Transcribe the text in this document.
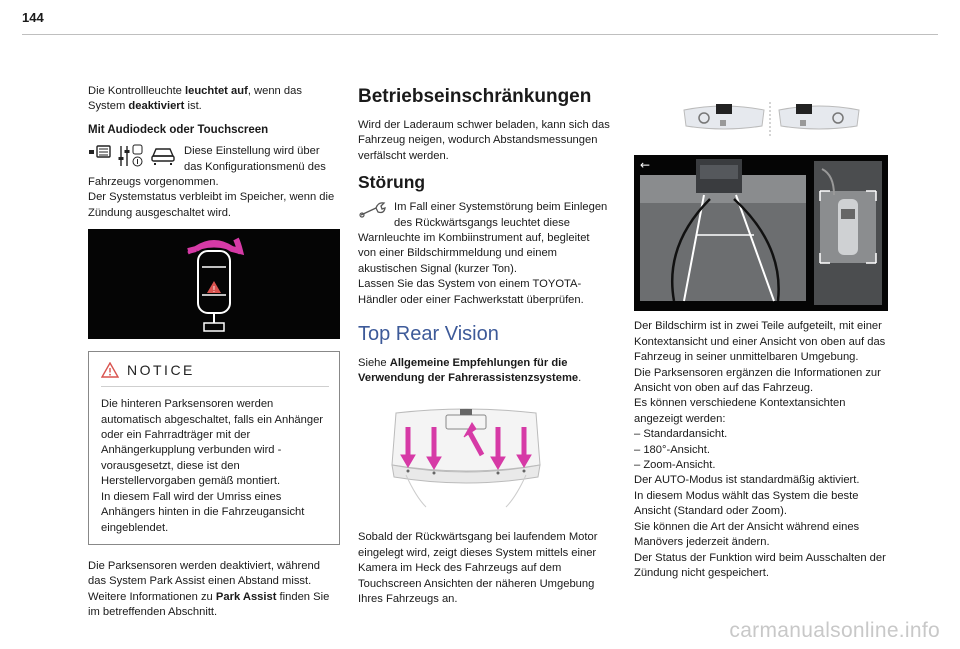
144

Die Kontrollleuchte leuchtet auf, wenn das System deaktiviert ist.

Mit Audiodeck oder Touchscreen
Diese Einstellung wird über das Konfigurationsmenü des

Fahrzeugs vorgenommen.

Der Systemstatus verbleibt im Speicher, wenn die Zündung ausgeschaltet wird.

!
NOTICE
Die hinteren Parksensoren werden automatisch abgeschaltet, falls ein Anhänger oder ein Fahrradträger mit der Anhängerkupplung verbunden wird - vorausgesetzt, diese ist den Herstellervorgaben gemäß montiert.
In diesem Fall wird der Umriss eines Anhängers hinten in die Fahrzeugansicht eingeblendet.

Die Parksensoren werden deaktiviert, während das System Park Assist einen Abstand misst.

Weitere Informationen zu Park Assist finden Sie im betreffenden Abschnitt.

Betriebseinschränkungen

Wird der Laderaum schwer beladen, kann sich das Fahrzeug neigen, wodurch Abstandsmessungen verfälscht werden.

Störung
Im Fall einer Systemstörung beim Einlegen des Rückwärtsgangs leuchtet diese

Warnleuchte im Kombiinstrument auf, begleitet von einer Bildschirmmeldung und einem akustischen Signal (kurzer Ton).

Lassen Sie das System von einem TOYOTA-Händler oder einer Fachwerkstatt überprüfen.

Top Rear Vision

Siehe Allgemeine Empfehlungen für die Verwendung der Fahrerassistenzsysteme.

Sobald der Rückwärtsgang bei laufendem Motor eingelegt wird, zeigt dieses System mittels einer Kamera im Heck des Fahrzeugs auf dem Touchscreen Ansichten der näheren Umgebung Ihres Fahrzeugs an.

←
Der Bildschirm ist in zwei Teile aufgeteilt, mit einer Kontextansicht und einer Ansicht von oben auf das Fahrzeug in seiner unmittelbaren Umgebung.
Die Parksensoren ergänzen die Informationen zur Ansicht von oben auf das Fahrzeug.
Es können verschiedene Kontextansichten angezeigt werden:
– Standardansicht.
– 180°-Ansicht.
– Zoom-Ansicht.
Der AUTO-Modus ist standardmäßig aktiviert.
In diesem Modus wählt das System die beste Ansicht (Standard oder Zoom).
Sie können die Art der Ansicht während eines Manövers jederzeit ändern.
Der Status der Funktion wird beim Ausschalten der Zündung nicht gespeichert.
carmanualsonline.info
